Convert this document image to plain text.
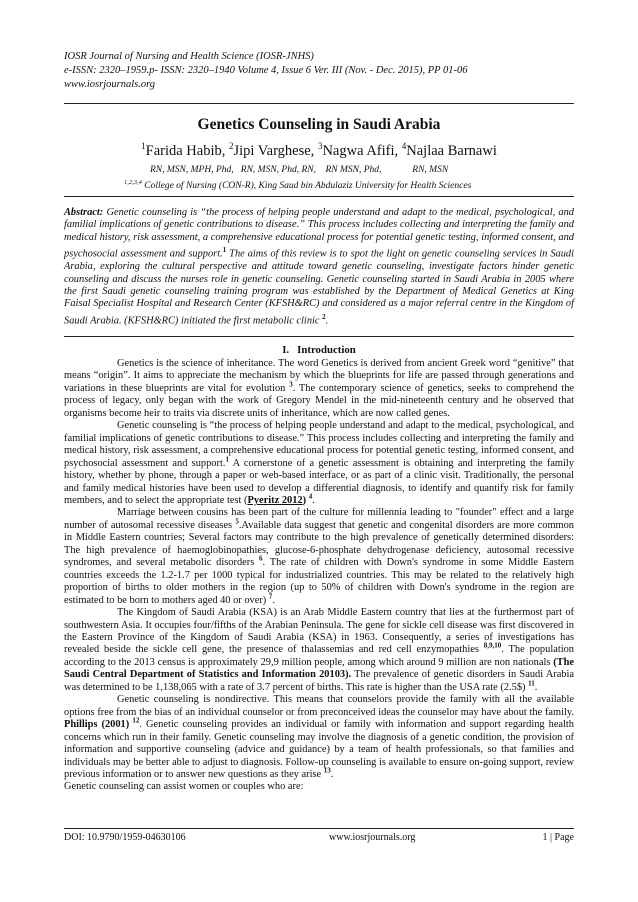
IOSR Journal of Nursing and Health Science (IOSR-JNHS)
e-ISSN: 2320–1959.p- ISSN: 2320–1940 Volume 4, Issue 6 Ver. III (Nov. - Dec. 2015), PP 01-06
www.iosrjournals.org
Genetics Counseling in Saudi Arabia
$^1$Farida Habib, $^2$Jipi Varghese, $^3$Nagwa Afifi, $^4$Najlaa Barnawi
RN, MSN, MPH, Phd,   RN, MSN, Phd, RN,    RN MSN, Phd,             RN, MSN
$^{1,2,3,4}$ College of Nursing (CON-R), King Saud bin Abdulaziz University for Health Sciences
Abstract: Genetic counseling is “the process of helping people understand and adapt to the medical, psychological, and familial implications of genetic contributions to disease.” This process includes collecting and interpreting the family and medical history, risk assessment, a comprehensive educational process for potential genetic testing, informed consent, and psychosocial assessment and support.$^1$ The aims of this review is to spot the light on genetic counseling services in Saudi Arabia, exploring the cultural perspective and attitude toward genetic counseling, investigate factors hinder genetic counseling and discuss the nurses role in genetic counseling. Genetic counseling started in Saudi Arabia in 2005 where the first Saudi genetic counseling training program was established by the Department of Medical Genetics at King Faisal Specialist Hospital and Research Center (KFSH&RC) and considered as a major referral centre in the Kingdom of Saudi Arabia. (KFSH&RC) initiated the first metabolic clinic $^2$.
I. Introduction

Genetics is the science of inheritance. The word Genetics is derived from ancient Greek word “genitive” that means “origin”. It aims to appreciate the mechanism by which the blueprints for life are passed through generations and variations in these blueprints are vital for evolution $^3$. The contemporary science of genetics, seeks to comprehend the process of legacy, only began with the work of Gregory Mendel in the mid-nineteenth century and he observed that organisms become heir to traits via discrete units of inheritance, which are now called genes.

Genetic counseling is “the process of helping people understand and adapt to the medical, psychological, and familial implications of genetic contributions to disease.” This process includes collecting and interpreting the family and medical history, risk assessment, a comprehensive educational process for potential genetic testing, informed consent, and psychosocial assessment and support.$^1$ A cornerstone of a genetic assessment is obtaining and interpreting the family history, whether by phone, through a paper or web-based interface, or as part of a clinic visit. Traditionally, the personal and family medical histories have been used to develop a differential diagnosis, to identify and quantify risk for family members, and to select the appropriate test (Pyeritz 2012) $^4$.

Marriage between cousins has been part of the culture for millennia leading to "founder" effect and a large number of autosomal recessive diseases $^5$.Available data suggest that genetic and congenital disorders are more common in Middle Eastern countries; Several factors may contribute to the high prevalence of genetically determined disorders: The high prevalence of haemoglobinopathies, glucose-6-phosphate dehydrogenase deficiency, autosomal recessive syndromes, and several metabolic disorders $^6$. The rate of children with Down's syndrome in some Middle Eastern countries exceeds the 1.2-1.7 per 1000 typical for industrialized countries. This may be related to the relatively high proportion of births to older mothers in the region (up to 50% of children with Down's syndrome in the region are estimated to be born to mothers aged 40 or over) $^7$.

The Kingdom of Saudi Arabia (KSA) is an Arab Middle Eastern country that lies at the furthermost part of southwestern Asia. It occupies four/fifths of the Arabian Peninsula. The gene for sickle cell disease was first discovered in the Eastern Province of the Kingdom of Saudi Arabia (KSA) in 1963. Consequently, a series of investigations has revealed beside the sickle cell gene, the presence of thalassemias and red cell enzymopathies $^{8,9,10}$. The population according to the 2013 census is approximately 29,9 million people, among which around 9 million are non nationals (The Saudi Central Department of Statistics and Information 20103). The prevalence of genetic disorders in Saudi Arabia was determined to be 1,138,065 with a rate of 3.7 percent of births. This rate is higher than the USA rate (2.5$) $^{11}$.

Genetic counseling is nondirective. This means that counselors provide the family with all the available options free from the bias of an individual counselor or from preconceived ideas the counselor may have about the family. Phillips (2001) $^{12}$. Genetic counseling provides an individual or family with information and support regarding health concerns which run in their family. Genetic counseling may involve the diagnosis of a genetic condition, the provision of information and supportive counseling (advice and guidance) by a team of health professionals, so that families and individuals may be better able to adjust to diagnosis. Follow-up counseling is available to ensure on-going support, review previous information or to answer new questions as they arise $^{13}$.

Genetic counseling can assist women or couples who are:

DOI: 10.9790/1959-04630106	www.iosrjournals.org	1 | Page
